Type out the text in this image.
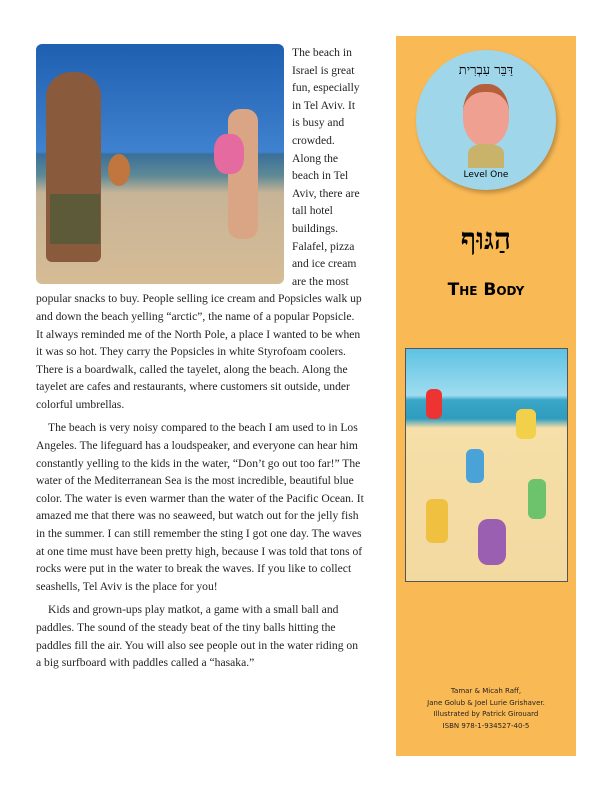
The beach in Israel is great fun, especially in Tel Aviv. It is busy and crowded. Along the beach in Tel Aviv, there are tall hotel buildings. Falafel, pizza and ice cream are the most popular snacks to buy. People selling ice cream and Popsicles walk up and down the beach yelling “arctic”, the name of a popular Popsicle. It always reminded me of the North Pole, a place I wanted to be when it was so hot. They carry the Popsicles in white Styrofoam coolers. There is a boardwalk, called the tayelet, along the beach. Along the tayelet are cafes and restaurants, where customers sit outside, under colorful umbrellas.

The beach is very noisy compared to the beach I am used to in Los Angeles. The lifeguard has a loudspeaker, and everyone can hear him constantly yelling to the kids in the water, “Don’t go out too far!” The water of the Mediterranean Sea is the most incredible, beautiful blue color. The water is even warmer than the water of the Pacific Ocean. It amazed me that there was no seaweed, but watch out for the jelly fish in the summer. I can still remember the sting I got one day. The waves at one time must have been pretty high, because I was told that tons of rocks were put in the water to break the waves. If you like to collect seashells, Tel Aviv is the place for you!

Kids and grown-ups play matkot, a game with a small ball and paddles. The sound of the steady beat of the tiny balls hitting the paddles fill the air. You will also see people out in the water riding on a big surfboard with paddles called a “hasaka.”

דַּבֵּר עִבְרִית
Level One
הַגּוּף
The Body
Tamar & Micah Raff,
Jane Golub & Joel Lurie Grishaver.
Illustrated by Patrick Girouard
ISBN 978-1-934527-40-5
